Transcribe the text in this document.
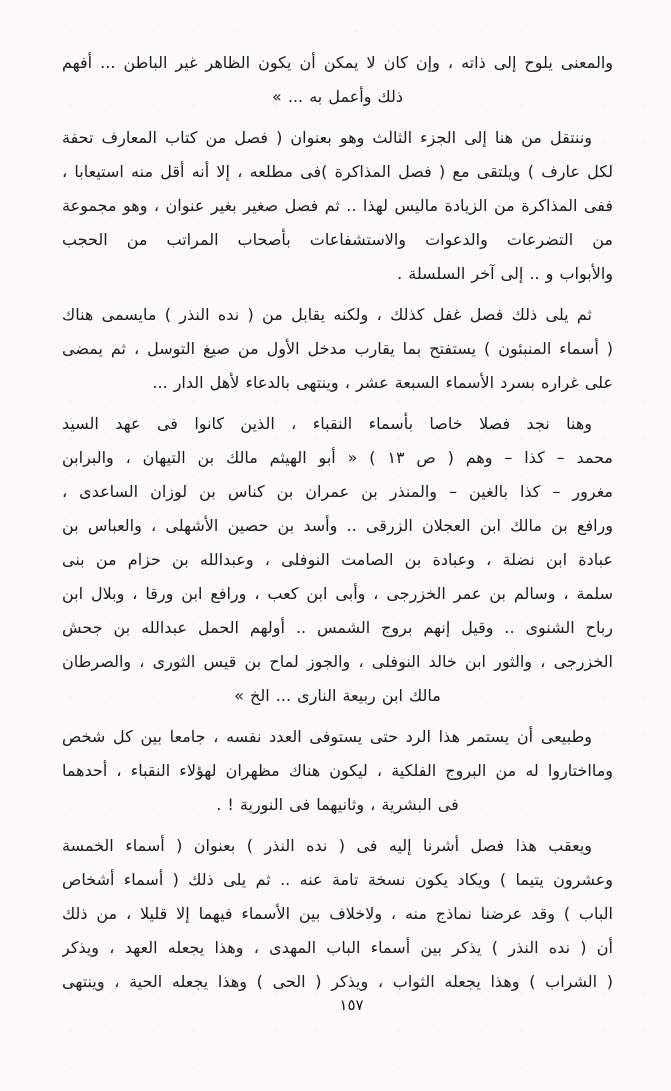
والمعنى يلوح إلى ذاته ، وإن كان لا يمكن أن يكون الظاهر غير الباطن ... أفهم
ذلك وأعمل به ... »
وننتقل من هنا إلى الجزء الثالث وهو بعنوان ( فصل من كتاب المعارف تحفة
لكل عارف ) ويلتقى مع ( فصل المذاكرة )فى مطلعه ، إلا أنه أقل منه استيعابا ،
ففى المذاكرة من الزيادة ماليس لهذا .. ثم فصل صغير بغير عنوان ، وهو مجموعة
من التضرعات والدعوات والاستشفاعات بأصحاب المراتب من الحجب
والأبواب و .. إلى آخر السلسلة .
ثم يلى ذلك فصل غفل كذلك ، ولكنه يقابل من ( نده النذر ) مايسمى هناك
( أسماء المنبئون ) يستفتح بما يقارب مدخل الأول من صيغ التوسل ، ثم يمضى
على غراره بسرد الأسماء السبعة عشر ، وينتهى بالدعاء لأهل الدار ...
وهنا نجد فصلا خاصا بأسماء النقباء ، الذين كانوا فى عهد السيد
محمد – كذا – وهم ( ص ١٣ ) « أبو الهيثم مالك بن التيهان ، والبرابن
مغرور – كذا بالغين – والمنذر بن عمران بن كناس بن لوزان الساعدى ،
ورافع بن مالك ابن العجلان الزرقى .. وأسد بن حصين الأشهلى ، والعباس بن
عبادة ابن نضلة ، وعبادة بن الصامت النوفلى ، وعبدالله بن حزام من بنى
سلمة ، وسالم بن عمر الخزرجى ، وأبى ابن كعب ، ورافع ابن ورقا ، وبلال ابن
رباح الشنوى .. وقيل إنهم بروج الشمس .. أولهم الحمل عبدالله بن جحش
الخزرجى ، والثور ابن خالد النوفلى ، والجوز لماح بن قيس الثورى ، والصرطان
مالك ابن ربيعة النارى ... الخ »
وطبيعى أن يستمر هذا الرد حتى يستوفى العدد نفسه ، جامعا بين كل شخص
ومااختاروا له من البروج الفلكية ، ليكون هناك مظهران لهؤلاء النقباء ، أحدهما
فى البشرية ، وثانيهما فى النورية ! .
ويعقب هذا فصل أشرنا إليه فى ( نده النذر ) بعنوان ( أسماء الخمسة
وعشرون يتيما ) ويكاد يكون نسخة تامة عنه .. ثم يلى ذلك ( أسماء أشخاص
الباب ) وقد عرضنا نماذج منه ، ولاخلاف بين الأسماء فيهما إلا قليلا ، من ذلك
أن ( نده النذر ) يذكر بين أسماء الباب المهدى ، وهذا يجعله العهد ، ويذكر
( الشراب ) وهذا يجعله الثواب ، ويذكر ( الحى ) وهذا يجعله الحية ، وينتهى
١٥٧
